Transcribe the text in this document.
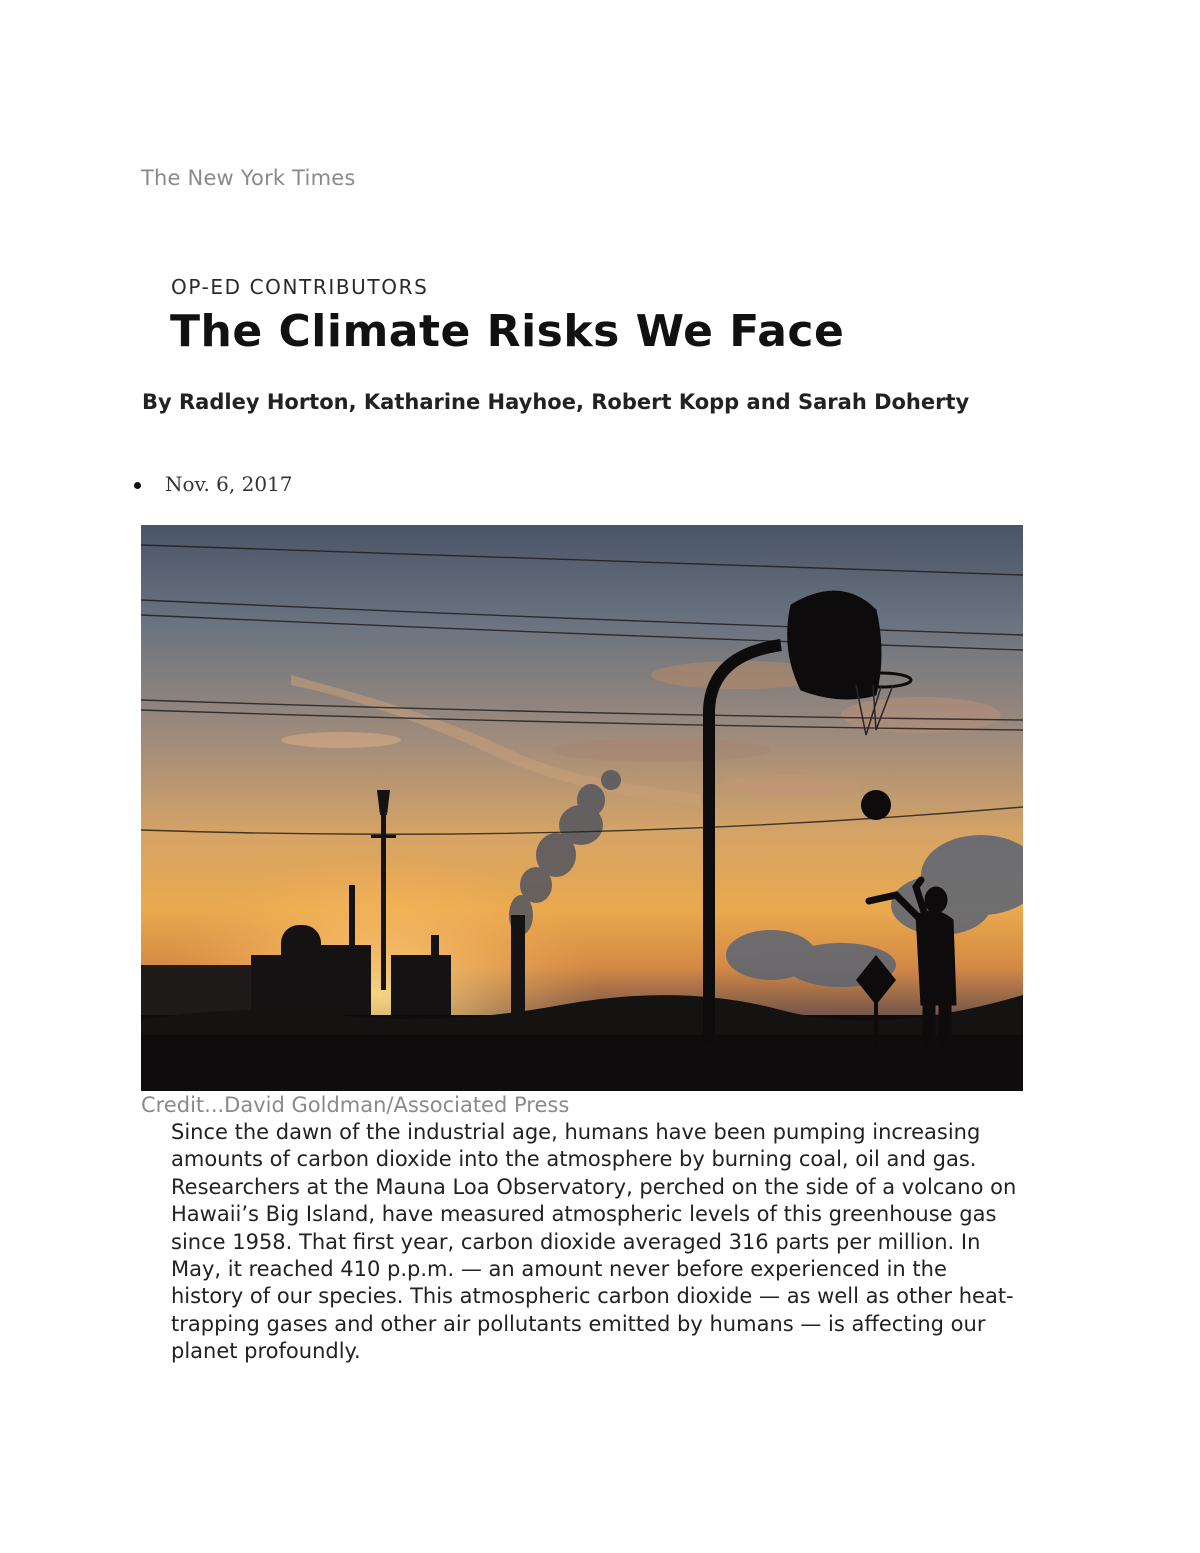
The New York Times
OP-ED CONTRIBUTORS
The Climate Risks We Face
By Radley Horton, Katharine Hayhoe, Robert Kopp and Sarah Doherty
Nov. 6, 2017
Credit...David Goldman/Associated Press

Since the dawn of the industrial age, humans have been pumping increasing amounts of carbon dioxide into the atmosphere by burning coal, oil and gas. Researchers at the Mauna Loa Observatory, perched on the side of a volcano on Hawaii’s Big Island, have measured atmospheric levels of this greenhouse gas since 1958. That first year, carbon dioxide averaged 316 parts per million. In May, it reached 410 p.p.m. — an amount never before experienced in the history of our species. This atmospheric carbon dioxide — as well as other heat-trapping gases and other air pollutants emitted by humans — is affecting our planet profoundly.
